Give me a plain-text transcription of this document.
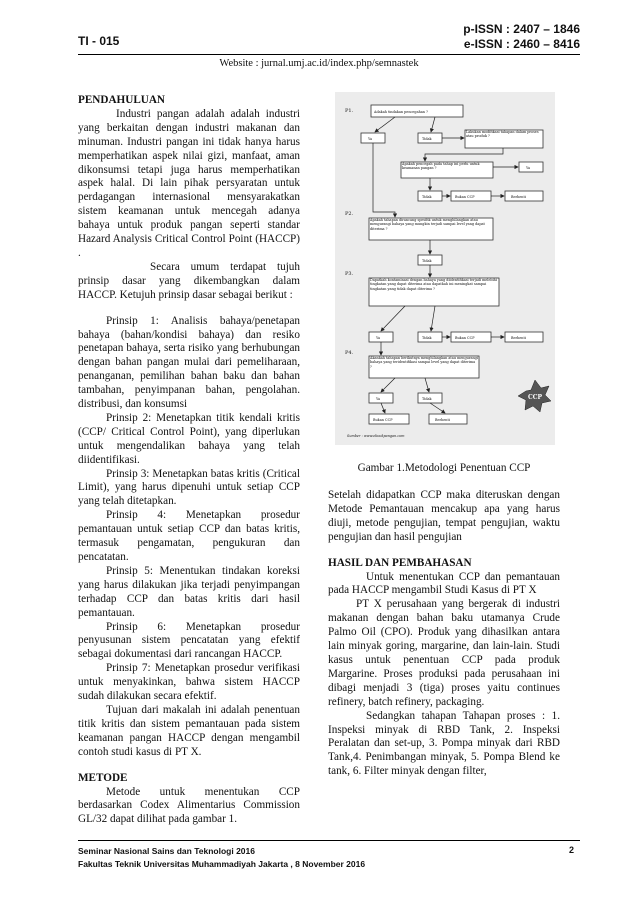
TI - 015
p-ISSN : 2407 – 1846
e-ISSN : 2460 – 8416
Website : jurnal.umj.ac.id/index.php/semnastek
PENDAHULUAN

Industri pangan adalah adalah industri yang berkaitan dengan industri makanan dan minuman. Industri pangan ini tidak hanya harus memperhatikan aspek nilai gizi, manfaat, aman dikonsumsi tetapi juga harus memperhatikan aspek halal. Di lain pihak persyaratan untuk perdagangan internasional mensyarakatkan sistem keamanan untuk mencegah adanya bahaya untuk produk pangan seperti standar Hazard Analysis Critical Control Point (HACCP) .

Secara umum terdapat tujuh prinsip dasar yang dikembangkan dalam HACCP. Ketujuh prinsip dasar sebagai berikut :

Prinsip 1: Analisis bahaya/penetapan bahaya (bahan/kondisi bahaya) dan resiko penetapan bahaya, serta risiko yang berhubungan dengan bahan pangan mulai dari pemeliharaan, penanganan, pemilihan bahan baku dan bahan tambahan, penyimpanan bahan, pengolahan. distribusi, dan konsumsi

Prinsip 2: Menetapkan titik kendali kritis (CCP/ Critical Control Point), yang diperlukan untuk mengendalikan bahaya yang telah diidentifikasi.

Prinsip 3: Menetapkan batas kritis (Critical Limit), yang harus dipenuhi untuk setiap CCP yang telah ditetapkan.

Prinsip 4: Menetapkan prosedur pemantauan untuk setiap CCP dan batas kritis, termasuk pengamatan, pengukuran dan pencatatan.

Prinsip 5: Menentukan tindakan koreksi yang harus dilakukan jika terjadi penyimpangan terhadap CCP dan batas kritis dari hasil pemantauan.

Prinsip 6: Menetapkan prosedur penyusunan sistem pencatatan yang efektif sebagai dokumentasi dari rancangan HACCP.

Prinsip 7: Menetapkan prosedur verifikasi untuk menyakinkan, bahwa sistem HACCP sudah dilakukan secara efektif.

Tujuan dari makalah ini adalah penentuan titik kritis dan sistem pemantauan pada sistem keamanan pangan HACCP dengan mengambil contoh studi kasus di PT X.

METODE

Metode untuk menentukan CCP berdasarkan Codex Alimentarius Commission GL/32 dapat dilihat pada gambar 1.

P1.
P2.
P3.
P4.
Adakah tindakan pencegahan ?
Ya	Tidak
Lakukan modifikasi tahapan dalam proses atau produk ?
Apakah pencegah pada tahap ini perlu untuk keamanan pangan ?	Ya
Tidak	Bukan CCP	Berhenti
Apakah tahapan dirancang spesifik untuk menghilangkan atau mengurangi bahaya yang mungkin terjadi sampai level yang dapat diterima ?
Tidak
Dapatkah kontaminasi dengan bahaya yang diidentifikasi terjadi melebihi tingkatan yang dapat diterima atau dapatkah ini meningkat sampai tingkatan yang tidak dapat diterima ?
Ya	Tidak	Bukan CCP	Berhenti
Akankah tahapan berikutnya menghilangkan atau mengurangi bahaya yang teridentifikasi sampai level yang dapat diterima ?
Ya	Tidak
Bukan CCP	Berhenti
Sumber : www.ebookpangan.com
CCP
Gambar 1.Metodologi Penentuan CCP

Setelah didapatkan CCP maka diteruskan dengan Metode Pemantauan mencakup apa yang harus diuji, metode pengujian, tempat pengujian, waktu pengujian dan hasil pengujian

HASIL DAN PEMBAHASAN

Untuk menentukan CCP dan pemantauan pada HACCP mengambil Studi Kasus di PT X

PT X perusahaan yang bergerak di industri makanan dengan bahan baku utamanya Crude Palmo Oil (CPO). Produk yang dihasilkan antara lain minyak goring, margarine, dan lain-lain. Studi kasus untuk penentuan CCP pada produk Margarine. Proses produksi pada perusahaan ini dibagi menjadi 3 (tiga) proses yaitu continues refinery, batch refinery, packaging.

Sedangkan tahapan Tahapan proses : 1. Inspeksi minyak di RBD Tank, 2. Inspeksi Peralatan dan set-up, 3. Pompa minyak dari RBD Tank,4. Penimbangan minyak, 5. Pompa Blend ke tank, 6. Filter minyak dengan filter,

Seminar Nasional Sains dan Teknologi 2016
Fakultas Teknik Universitas Muhammadiyah Jakarta , 8 November 2016
2
